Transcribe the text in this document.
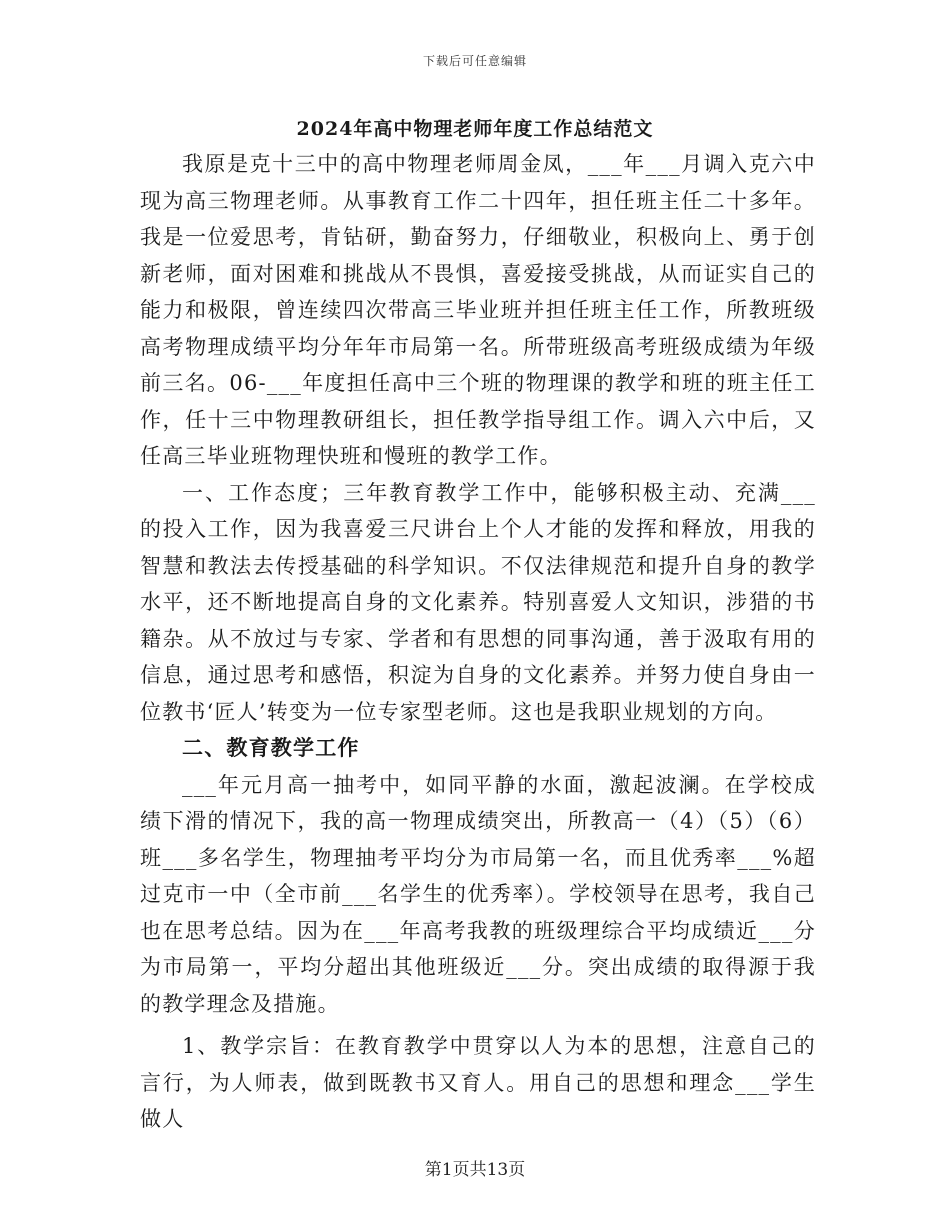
下载后可任意编辑
2024年高中物理老师年度工作总结范文

我原是克十三中的高中物理老师周金凤，___年___月调入克六中现为高三物理老师。从事教育工作二十四年，担任班主任二十多年。我是一位爱思考，肯钻研，勤奋努力，仔细敬业，积极向上、勇于创新老师，面对困难和挑战从不畏惧，喜爱接受挑战，从而证实自己的能力和极限，曾连续四次带高三毕业班并担任班主任工作，所教班级高考物理成绩平均分年年市局第一名。所带班级高考班级成绩为年级前三名。06-___年度担任高中三个班的物理课的教学和班的班主任工作，任十三中物理教研组长，担任教学指导组工作。调入六中后，又任高三毕业班物理快班和慢班的教学工作。

一、工作态度；三年教育教学工作中，能够积极主动、充满___的投入工作，因为我喜爱三尺讲台上个人才能的发挥和释放，用我的智慧和教法去传授基础的科学知识。不仅法律规范和提升自身的教学水平，还不断地提高自身的文化素养。特别喜爱人文知识，涉猎的书籍杂。从不放过与专家、学者和有思想的同事沟通，善于汲取有用的信息，通过思考和感悟，积淀为自身的文化素养。并努力使自身由一位教书‘匠人’转变为一位专家型老师。这也是我职业规划的方向。

二、教育教学工作

___年元月高一抽考中，如同平静的水面，激起波澜。在学校成绩下滑的情况下，我的高一物理成绩突出，所教高一（4）（5）（6）班___多名学生，物理抽考平均分为市局第一名，而且优秀率___%超过克市一中（全市前___名学生的优秀率）。学校领导在思考，我自己也在思考总结。因为在___年高考我教的班级理综合平均成绩近___分为市局第一，平均分超出其他班级近___分。突出成绩的取得源于我的教学理念及措施。

1、教学宗旨：在教育教学中贯穿以人为本的思想，注意自己的言行，为人师表，做到既教书又育人。用自己的思想和理念___学生做人

第1页共13页
